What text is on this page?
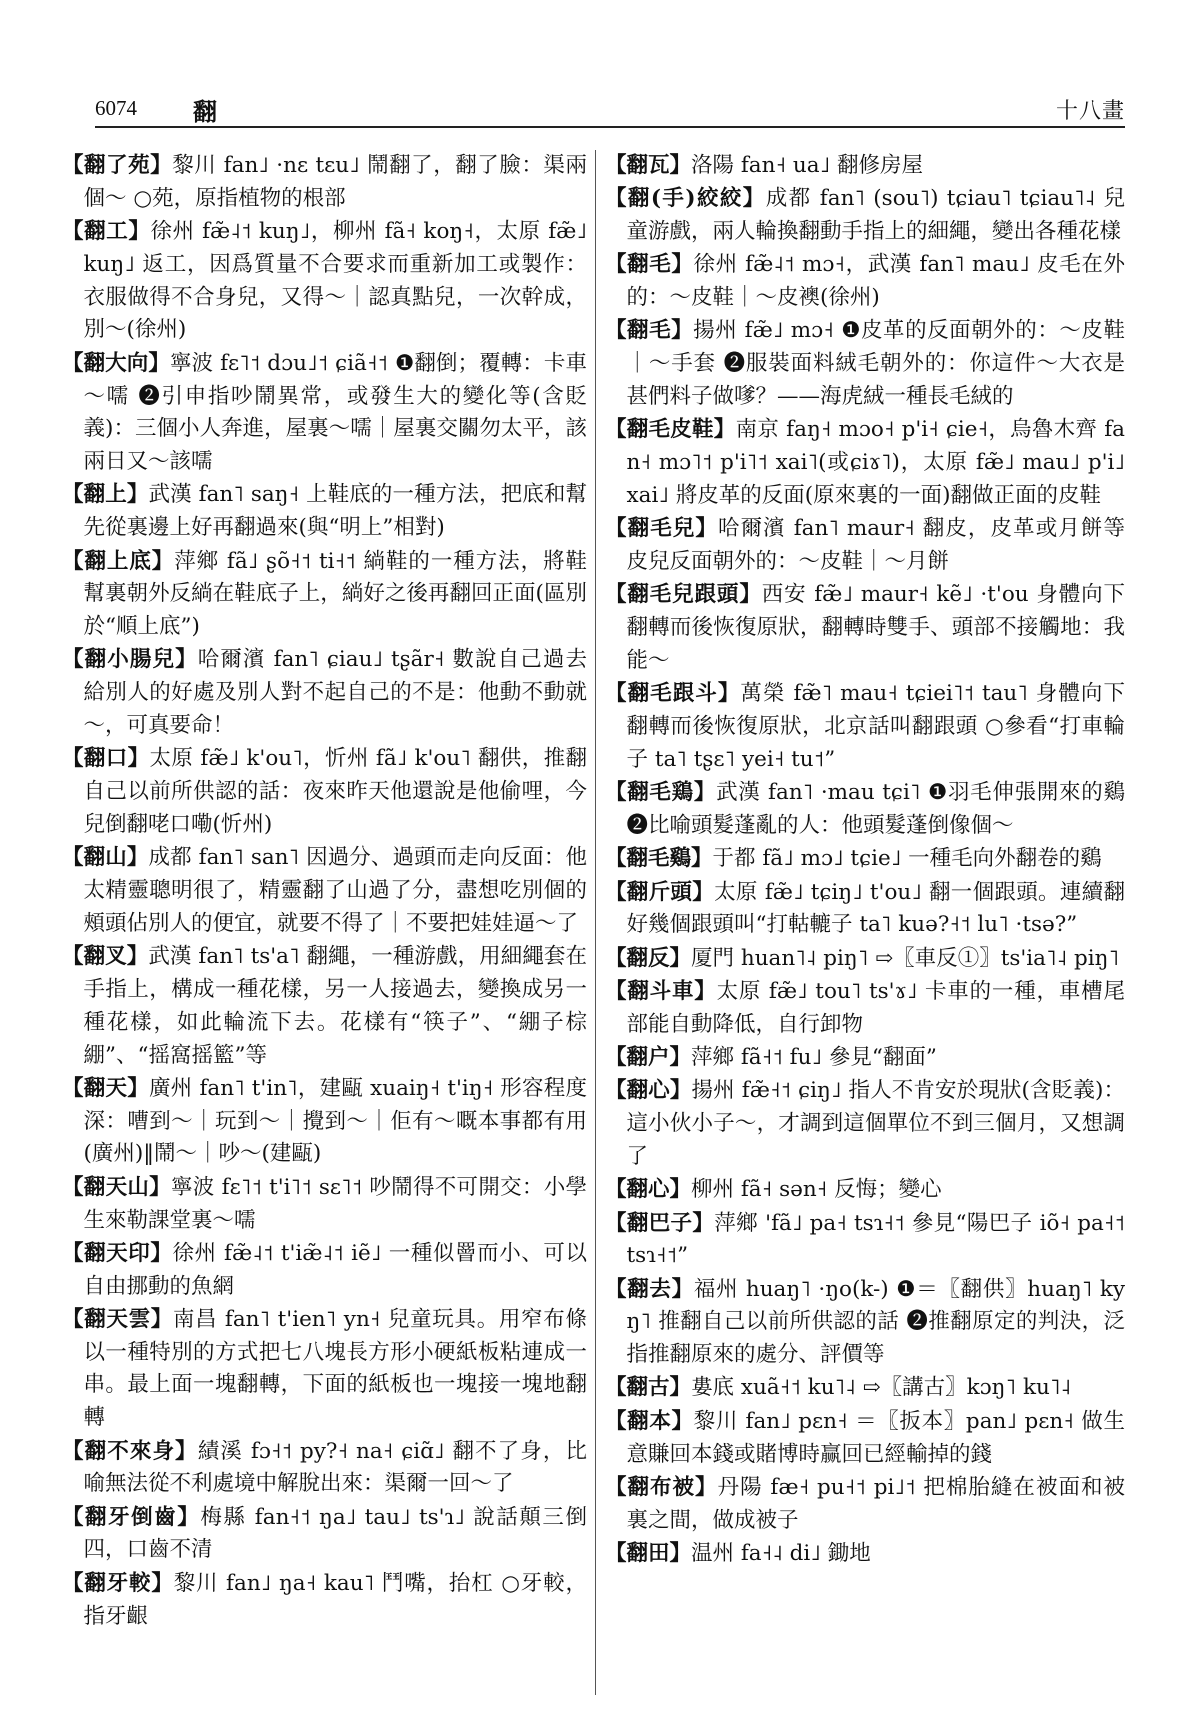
6074 翻	十八畫
【翻了苑】黎川 fan˩ ·nɛ tɛu˩ 鬧翻了，翻了臉：渠兩個～ ○苑，原指植物的根部
【翻工】徐州 fæ̃˨˦ kuŋ˩，柳州 fã˧ koŋ˧，太原 fæ̃˩ kuŋ˩ 返工，因爲質量不合要求而重新加工或製作：衣服做得不合身兒，又得～｜認真點兒，一次幹成，別～(徐州)
【翻大向】寧波 fɛ˥˦ dɔu˩˦ ɕiã˧˦ ❶翻倒；覆轉：卡車～嚅 ❷引申指吵鬧異常，或發生大的變化等(含貶義)：三個小人奔進，屋裏～嚅｜屋裏交關勿太平，該兩日又～該嚅
【翻上】武漢 fan˥ saŋ˧ 上鞋底的一種方法，把底和幫先從裏邊上好再翻過來(與“明上”相對)
【翻上底】萍鄉 fã˩ ʂõ˧˦ ti˧˦ 緔鞋的一種方法，將鞋幫裏朝外反緔在鞋底子上，緔好之後再翻回正面(區別於“順上底”)
【翻小腸兒】哈爾濱 fan˥ ɕiau˩ tʂãr˧ 數說自己過去給別人的好處及別人對不起自己的不是：他動不動就～，可真要命！
【翻口】太原 fæ̃˩ k'ou˥，忻州 fã˩ k'ou˥ 翻供，推翻自己以前所供認的話：夜來昨天他還說是他偷哩，今兒倒翻咾口嘞(忻州)
【翻山】成都 fan˥ san˥ 因過分、過頭而走向反面：他太精靈聰明很了，精靈翻了山過了分，盡想吃別個的頰頭佔別人的便宜，就要不得了｜不要把娃娃逼～了
【翻叉】武漢 fan˥ ts'a˥ 翻繩，一種游戲，用細繩套在手指上，構成一種花樣，另一人接過去，變換成另一種花樣，如此輪流下去。花樣有“筷子”、“綳子棕綳”、“摇窩摇籃”等
【翻天】廣州 fan˥ t'in˥，建甌 xuaiŋ˧ t'iŋ˧ 形容程度深：嘈到～｜玩到～｜攪到～｜佢有～嘅本事都有用(廣州)‖鬧～｜吵～(建甌)
【翻天山】寧波 fɛ˥˦ t'i˥˦ sɛ˥˦ 吵鬧得不可開交：小學生來勒課堂裏～嚅
【翻天印】徐州 fæ̃˨˦ t'iæ̃˨˦ iẽ˩ 一種似罾而小、可以自由挪動的魚網
【翻天雲】南昌 fan˥ t'ien˥ yn˧ 兒童玩具。用窄布條以一種特別的方式把七八塊長方形小硬紙板粘連成一串。最上面一塊翻轉，下面的紙板也一塊接一塊地翻轉
【翻不來身】績溪 fɔ˧˦ py?˧ na˧ ɕiɑ̃˩ 翻不了身，比喻無法從不利處境中解脫出來：渠爾一回～了
【翻牙倒齒】梅縣 fan˧˦ ŋa˩ tau˩ ts'ɿ˩ 說話顛三倒四，口齒不清
【翻牙較】黎川 fan˩ ŋa˧ kau˥ 鬥嘴，抬杠 ○牙較，指牙齦
【翻瓦】洛陽 fan˧ ua˩ 翻修房屋
【翻(手)絞絞】成都 fan˥ (sou˥) tɕiau˥ tɕiau˥˨ 兒童游戲，兩人輪換翻動手指上的細繩，變出各種花樣
【翻毛】徐州 fæ̃˨˦ mɔ˧，武漢 fan˥ mau˩ 皮毛在外的：～皮鞋｜～皮襖(徐州)
【翻毛】揚州 fæ̃˩ mɔ˧ ❶皮革的反面朝外的：～皮鞋｜～手套 ❷服裝面料絨毛朝外的：你這件～大衣是甚們料子做嗲？——海虎絨一種長毛絨的
【翻毛皮鞋】南京 faŋ˧ mɔo˧ p'i˧ ɕie˧，烏魯木齊 fan˧ mɔ˥˦ p'i˥˦ xai˥(或ɕiɤ˥)，太原 fæ̃˩ mau˩ p'i˩ xai˩ 將皮革的反面(原來裏的一面)翻做正面的皮鞋
【翻毛兒】哈爾濱 fan˥ maur˧ 翻皮，皮革或月餅等皮兒反面朝外的：～皮鞋｜～月餅
【翻毛兒跟頭】西安 fæ̃˩ maur˧ kẽ˩ ·t'ou 身體向下翻轉而後恢復原狀，翻轉時雙手、頭部不接觸地：我能～
【翻毛跟斗】萬榮 fæ̃˥ mau˧ tɕiei˥˦ tau˥ 身體向下翻轉而後恢復原狀，北京話叫翻跟頭 ○參看“打車輪子 ta˥ tʂɛ˥ yei˧ tu˦”
【翻毛鶏】武漢 fan˥ ·mau tɕi˥ ❶羽毛伸張開來的鷄 ❷比喻頭髮蓬亂的人：他頭髮蓬倒像個～
【翻毛鷄】于都 fã˩ mɔ˩ tɕie˩ 一種毛向外翻卷的鷄
【翻斤頭】太原 fæ̃˩ tɕiŋ˩ t'ou˩ 翻一個跟頭。連續翻好幾個跟頭叫“打軲轆子 ta˥ kuə?˧˦ lu˥ ·tsə?”
【翻反】厦門 huan˥˨ piŋ˥ ⇨〖車反①〗ts'ia˥˨ piŋ˥
【翻斗車】太原 fæ̃˩ tou˥ ts'ɤ˩ 卡車的一種，車槽尾部能自動降低，自行卸物
【翻户】萍鄉 fã˧˦ fu˩ 參見“翻面”
【翻心】揚州 fæ̃˧˦ ɕiŋ˩ 指人不肯安於現狀(含貶義)：這小伙小子～，才調到這個單位不到三個月，又想調了
【翻心】柳州 fã˧ sən˧ 反悔；變心
【翻巴子】萍鄉 'fã˩ pa˧ tsɿ˧˦ 參見“陽巴子 iõ˧ pa˧˦ tsɿ˧˦”
【翻去】福州 huaŋ˥ ·ŋo(k-) ❶＝〖翻供〗huaŋ˥ kyŋ˥ 推翻自己以前所供認的話 ❷推翻原定的判決，泛指推翻原來的處分、評價等
【翻古】婁底 xuã˧˦ ku˥˨ ⇨〖講古〗kɔŋ˥ ku˥˨
【翻本】黎川 fan˩ pɛn˧ ＝〖扳本〗pan˩ pɛn˧ 做生意賺回本錢或賭博時赢回已經輸掉的錢
【翻布被】丹陽 fæ˧ pu˧˦ pi˩˦ 把棉胎縫在被面和被裏之間，做成被子
【翻田】温州 fa˧˨ di˩ 鋤地
